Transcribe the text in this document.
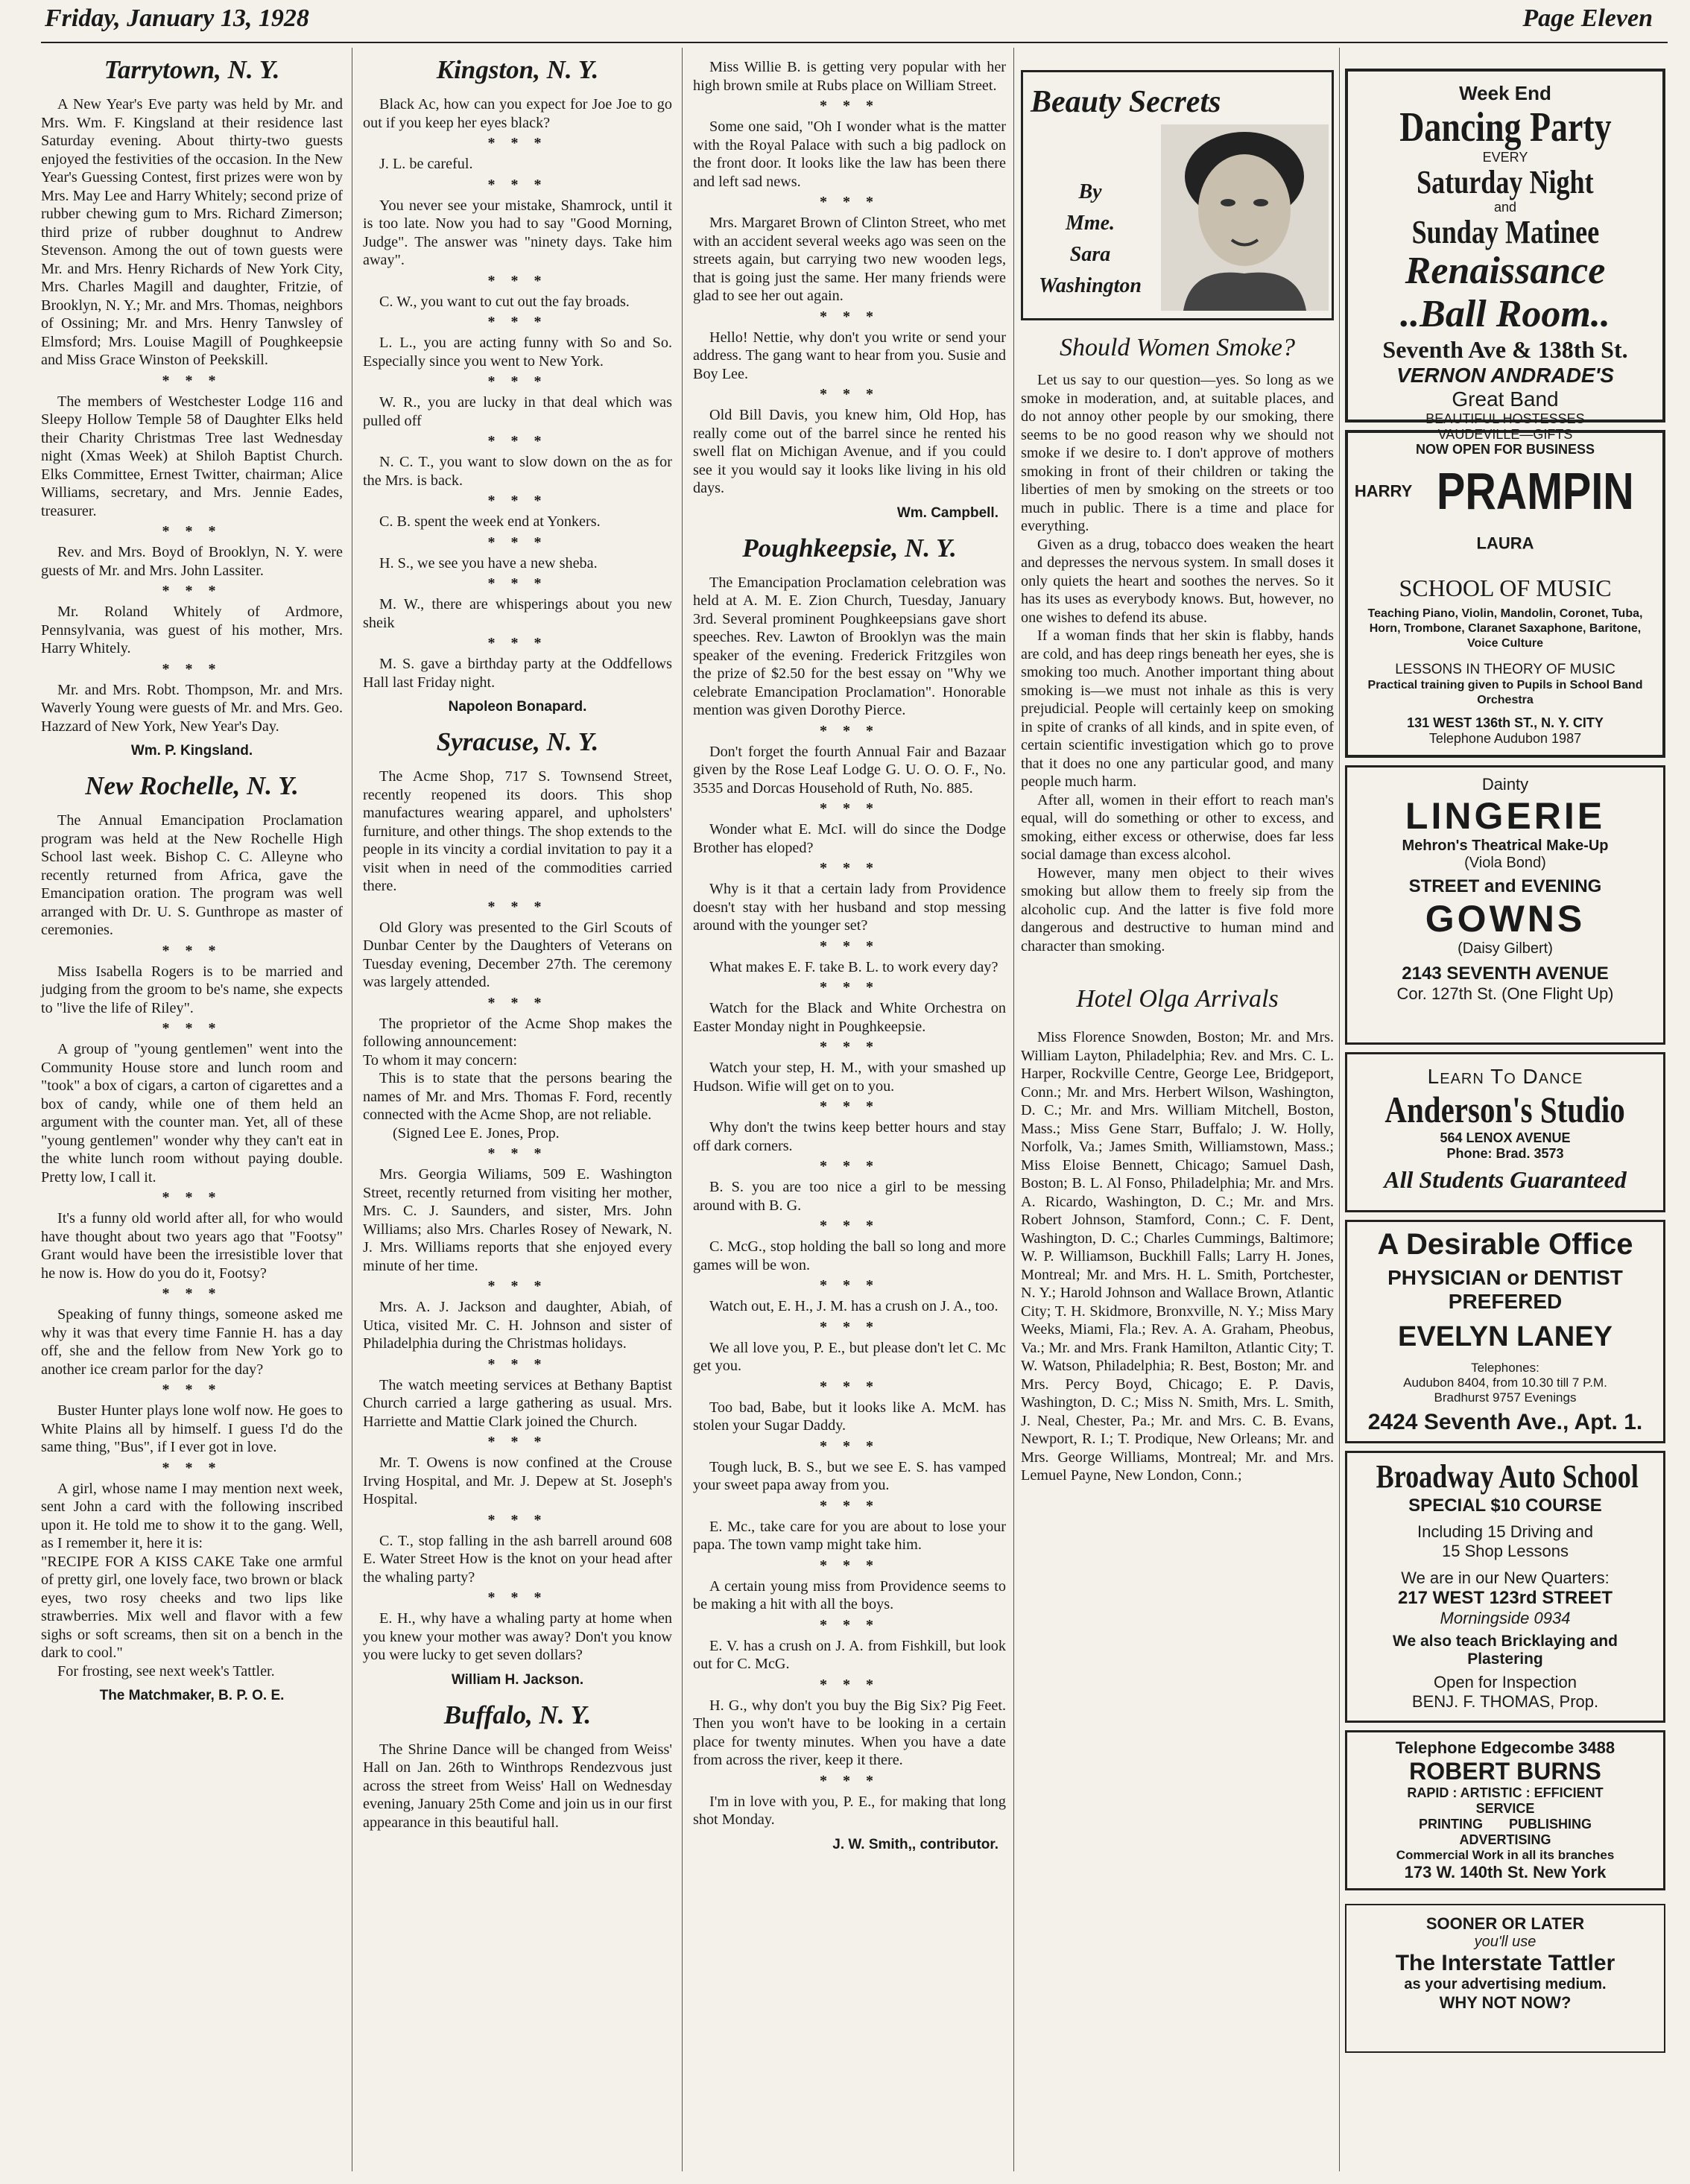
Friday, January 13, 1928	Page Eleven
Tarrytown, N. Y.

A New Year's Eve party was held by Mr. and Mrs. Wm. F. Kingsland at their residence last Saturday evening. About thirty-two guests enjoyed the festivities of the occasion. In the New Year's Guessing Contest, first prizes were won by Mrs. May Lee and Harry Whitely; second prize of rubber chewing gum to Mrs. Richard Zimerson; third prize of rubber doughnut to Andrew Stevenson. Among the out of town guests were Mr. and Mrs. Henry Richards of New York City, Mrs. Charles Magill and daughter, Fritzie, of Brooklyn, N. Y.; Mr. and Mrs. Thomas, neighbors of Ossining; Mr. and Mrs. Henry Tanwsley of Elmsford; Mrs. Louise Magill of Poughkeepsie and Miss Grace Winston of Peekskill.

* * *

The members of Westchester Lodge 116 and Sleepy Hollow Temple 58 of Daughter Elks held their Charity Christmas Tree last Wednesday night (Xmas Week) at Shiloh Baptist Church. Elks Committee, Ernest Twitter, chairman; Alice Williams, secretary, and Mrs. Jennie Eades, treasurer.

* * *

Rev. and Mrs. Boyd of Brooklyn, N. Y. were guests of Mr. and Mrs. John Lassiter.

* * *

Mr. Roland Whitely of Ardmore, Pennsylvania, was guest of his mother, Mrs. Harry Whitely.

* * *

Mr. and Mrs. Robt. Thompson, Mr. and Mrs. Waverly Young were guests of Mr. and Mrs. Geo. Hazzard of New York, New Year's Day.

Wm. P. Kingsland.
New Rochelle, N. Y.

The Annual Emancipation Proclamation program was held at the New Rochelle High School last week. Bishop C. C. Alleyne who recently returned from Africa, gave the Emancipation oration. The program was well arranged with Dr. U. S. Gunthrope as master of ceremonies.

* * *

Miss Isabella Rogers is to be married and judging from the groom to be's name, she expects to "live the life of Riley".

* * *

A group of "young gentlemen" went into the Community House store and lunch room and "took" a box of cigars, a carton of cigarettes and a box of candy, while one of them held an argument with the counter man. Yet, all of these "young gentlemen" wonder why they can't eat in the white lunch room without paying double. Pretty low, I call it.

* * *

It's a funny old world after all, for who would have thought about two years ago that "Footsy" Grant would have been the irresistible lover that he now is. How do you do it, Footsy?

* * *

Speaking of funny things, someone asked me why it was that every time Fannie H. has a day off, she and the fellow from New York go to another ice cream parlor for the day?

* * *

Buster Hunter plays lone wolf now. He goes to White Plains all by himself. I guess I'd do the same thing, "Bus", if I ever got in love.

* * *

A girl, whose name I may mention next week, sent John a card with the following inscribed upon it. He told me to show it to the gang. Well, as I remember it, here it is:

"RECIPE FOR A KISS CAKE Take one armful of pretty girl, one lovely face, two brown or black eyes, two rosy cheeks and two lips like strawberries. Mix well and flavor with a few sighs or soft screams, then sit on a bench in the dark to cool."

For frosting, see next week's Tattler.

The Matchmaker, B. P. O. E.
Kingston, N. Y.

Black Ac, how can you expect for Joe Joe to go out if you keep her eyes black?

* * *

J. L. be careful.

* * *

You never see your mistake, Shamrock, until it is too late. Now you had to say "Good Morning, Judge". The answer was "ninety days. Take him away".

* * *

C. W., you want to cut out the fay broads.

* * *

L. L., you are acting funny with So and So. Especially since you went to New York.

* * *

W. R., you are lucky in that deal which was pulled off

* * *

N. C. T., you want to slow down on the as for the Mrs. is back.

* * *

C. B. spent the week end at Yonkers.

* * *

H. S., we see you have a new sheba.

* * *

M. W., there are whisperings about you new sheik

* * *

M. S. gave a birthday party at the Oddfellows Hall last Friday night.

Napoleon Bonapard.
Syracuse, N. Y.

The Acme Shop, 717 S. Townsend Street, recently reopened its doors. This shop manufactures wearing apparel, and upholsters' furniture, and other things. The shop extends to the people in its vincity a cordial invitation to pay it a visit when in need of the commodities carried there.

* * *

Old Glory was presented to the Girl Scouts of Dunbar Center by the Daughters of Veterans on Tuesday evening, December 27th. The ceremony was largely attended.

* * *

The proprietor of the Acme Shop makes the following announcement:

To whom it may concern:

This is to state that the persons bearing the names of Mr. and Mrs. Thomas F. Ford, recently connected with the Acme Shop, are not reliable.

(Signed Lee E. Jones, Prop.

* * *

Mrs. Georgia Wiliams, 509 E. Washington Street, recently returned from visiting her mother, Mrs. C. J. Saunders, and sister, Mrs. John Williams; also Mrs. Charles Rosey of Newark, N. J. Mrs. Williams reports that she enjoyed every minute of her time.

* * *

Mrs. A. J. Jackson and daughter, Abiah, of Utica, visited Mr. C. H. Johnson and sister of Philadelphia during the Christmas holidays.

* * *

The watch meeting services at Bethany Baptist Church carried a large gathering as usual. Mrs. Harriette and Mattie Clark joined the Church.

* * *

Mr. T. Owens is now confined at the Crouse Irving Hospital, and Mr. J. Depew at St. Joseph's Hospital.

* * *

C. T., stop falling in the ash barrell around 608 E. Water Street How is the knot on your head after the whaling party?

* * *

E. H., why have a whaling party at home when you knew your mother was away? Don't you know you were lucky to get seven dollars?

William H. Jackson.
Buffalo, N. Y.

The Shrine Dance will be changed from Weiss' Hall on Jan. 26th to Winthrops Rendezvous just across the street from Weiss' Hall on Wednesday evening, January 25th Come and join us in our first appearance in this beautiful hall.

Miss Willie B. is getting very popular with her high brown smile at Rubs place on William Street.

* * *

Some one said, "Oh I wonder what is the matter with the Royal Palace with such a big padlock on the front door. It looks like the law has been there and left sad news.

* * *

Mrs. Margaret Brown of Clinton Street, who met with an accident several weeks ago was seen on the streets again, but carrying two new wooden legs, that is going just the same. Her many friends were glad to see her out again.

* * *

Hello! Nettie, why don't you write or send your address. The gang want to hear from you. Susie and Boy Lee.

* * *

Old Bill Davis, you knew him, Old Hop, has really come out of the barrel since he rented his swell flat on Michigan Avenue, and if you could see it you would say it looks like living in his old days.

Wm. Campbell.
Poughkeepsie, N. Y.

The Emancipation Proclamation celebration was held at A. M. E. Zion Church, Tuesday, January 3rd. Several prominent Poughkeepsians gave short speeches. Rev. Lawton of Brooklyn was the main speaker of the evening. Frederick Fritzgiles won the prize of $2.50 for the best essay on "Why we celebrate Emancipation Proclamation". Honorable mention was given Dorothy Pierce.

* * *

Don't forget the fourth Annual Fair and Bazaar given by the Rose Leaf Lodge G. U. O. O. F., No. 3535 and Dorcas Household of Ruth, No. 885.

* * *

Wonder what E. McI. will do since the Dodge Brother has eloped?

* * *

Why is it that a certain lady from Providence doesn't stay with her husband and stop messing around with the younger set?

* * *

What makes E. F. take B. L. to work every day?

* * *

Watch for the Black and White Orchestra on Easter Monday night in Poughkeepsie.

* * *

Watch your step, H. M., with your smashed up Hudson. Wifie will get on to you.

* * *

Why don't the twins keep better hours and stay off dark corners.

* * *

B. S. you are too nice a girl to be messing around with B. G.

* * *

C. McG., stop holding the ball so long and more games will be won.

* * *

Watch out, E. H., J. M. has a crush on J. A., too.

* * *

We all love you, P. E., but please don't let C. Mc get you.

* * *

Too bad, Babe, but it looks like A. McM. has stolen your Sugar Daddy.

* * *

Tough luck, B. S., but we see E. S. has vamped your sweet papa away from you.

* * *

E. Mc., take care for you are about to lose your papa. The town vamp might take him.

* * *

A certain young miss from Providence seems to be making a hit with all the boys.

* * *

E. V. has a crush on J. A. from Fishkill, but look out for C. McG.

* * *

H. G., why don't you buy the Big Six? Pig Feet. Then you won't have to be looking in a certain place for twenty minutes. When you have a date from across the river, keep it there.

* * *

I'm in love with you, P. E., for making that long shot Monday.

J. W. Smith,, contributor.
Beauty Secrets
By
Mme.
Sara
Washington
Should Women Smoke?

Let us say to our question—yes. So long as we smoke in moderation, and, at suitable places, and do not annoy other people by our smoking, there seems to be no good reason why we should not smoke if we desire to. I don't approve of mothers smoking in front of their children or taking the liberties of men by smoking on the streets or too much in public. There is a time and place for everything.

Given as a drug, tobacco does weaken the heart and depresses the nervous system. In small doses it only quiets the heart and soothes the nerves. So it has its uses as everybody knows. But, however, no one wishes to defend its abuse.

If a woman finds that her skin is flabby, hands are cold, and has deep rings beneath her eyes, she is smoking too much. Another important thing about smoking is—we must not inhale as this is very prejudicial. People will certainly keep on smoking in spite of cranks of all kinds, and in spite even, of certain scientific investigation which go to prove that it does no one any particular good, and many people much harm.

After all, women in their effort to reach man's equal, will do something or other to excess, and smoking, either excess or otherwise, does far less social damage than excess alcohol.

However, many men object to their wives smoking but allow them to freely sip from the alcoholic cup. And the latter is five fold more dangerous and destructive to human mind and character than smoking.

Hotel Olga Arrivals

Miss Florence Snowden, Boston; Mr. and Mrs. William Layton, Philadelphia; Rev. and Mrs. C. L. Harper, Rockville Centre, George Lee, Bridgeport, Conn.; Mr. and Mrs. Herbert Wilson, Washington, D. C.; Mr. and Mrs. William Mitchell, Boston, Mass.; Miss Gene Starr, Buffalo; J. W. Holly, Norfolk, Va.; James Smith, Williamstown, Mass.; Miss Eloise Bennett, Chicago; Samuel Dash, Boston; B. L. Al Fonso, Philadelphia; Mr. and Mrs. A. Ricardo, Washington, D. C.; Mr. and Mrs. Robert Johnson, Stamford, Conn.; C. F. Dent, Washington, D. C.; Charles Cummings, Baltimore; W. P. Williamson, Buckhill Falls; Larry H. Jones, Montreal; Mr. and Mrs. H. L. Smith, Portchester, N. Y.; Harold Johnson and Wallace Brown, Atlantic City; T. H. Skidmore, Bronxville, N. Y.; Miss Mary Weeks, Miami, Fla.; Rev. A. A. Graham, Pheobus, Va.; Mr. and Mrs. Frank Hamilton, Atlantic City; T. W. Watson, Philadelphia; R. Best, Boston; Mr. and Mrs. Percy Boyd, Chicago; E. P. Davis, Washington, D. C.; Miss N. Smith, Mrs. L. Smith, J. Neal, Chester, Pa.; Mr. and Mrs. C. B. Evans, Newport, R. I.; T. Prodique, New Orleans; Mr. and Mrs. George Williams, Montreal; Mr. and Mrs. Lemuel Payne, New London, Conn.;

Week End
Dancing Party
EVERY
Saturday Night
and
Sunday Matinee
Renaissance
..Ball Room..
Seventh Ave & 138th St.
VERNON ANDRADE'S
Great Band
BEAUTIFUL HOSTESSES
VAUDEVILLE—GIFTS
NOW OPEN FOR BUSINESS
HARRY PRAMPIN LAURA
SCHOOL OF MUSIC
Teaching Piano, Violin, Mandolin, Coronet, Tuba, Horn, Trombone, Claranet Saxaphone, Baritone, Voice Culture
LESSONS IN THEORY OF MUSIC
Practical training given to Pupils in School Band Orchestra
131 WEST 136th ST., N. Y. CITY
Telephone Audubon 1987
Dainty
LINGERIE
Mehron's Theatrical Make-Up
(Viola Bond)
STREET and EVENING
GOWNS
(Daisy Gilbert)
2143 SEVENTH AVENUE
Cor. 127th St. (One Flight Up)
Learn To Dance
Anderson's Studio
564 LENOX AVENUE
Phone: Brad. 3573
All Students Guaranteed
A Desirable Office
PHYSICIAN or DENTIST
PREFERED
EVELYN LANEY
Telephones:
Audubon 8404, from 10.30 till 7 P.M.
Bradhurst 9757 Evenings
2424 Seventh Ave., Apt. 1.
Broadway Auto School
SPECIAL $10 COURSE
Including 15 Driving and
15 Shop Lessons
We are in our New Quarters:
217 WEST 123rd STREET
Morningside 0934
We also teach Bricklaying and Plastering
Open for Inspection
BENJ. F. THOMAS, Prop.
Telephone Edgecombe 3488
ROBERT BURNS
RAPID : ARTISTIC : EFFICIENT
SERVICE
PRINTING PUBLISHING
ADVERTISING
Commercial Work in all its branches
173 W. 140th St. New York
SOONER OR LATER
you'll use
The Interstate Tattler
as your advertising medium.
WHY NOT NOW?
